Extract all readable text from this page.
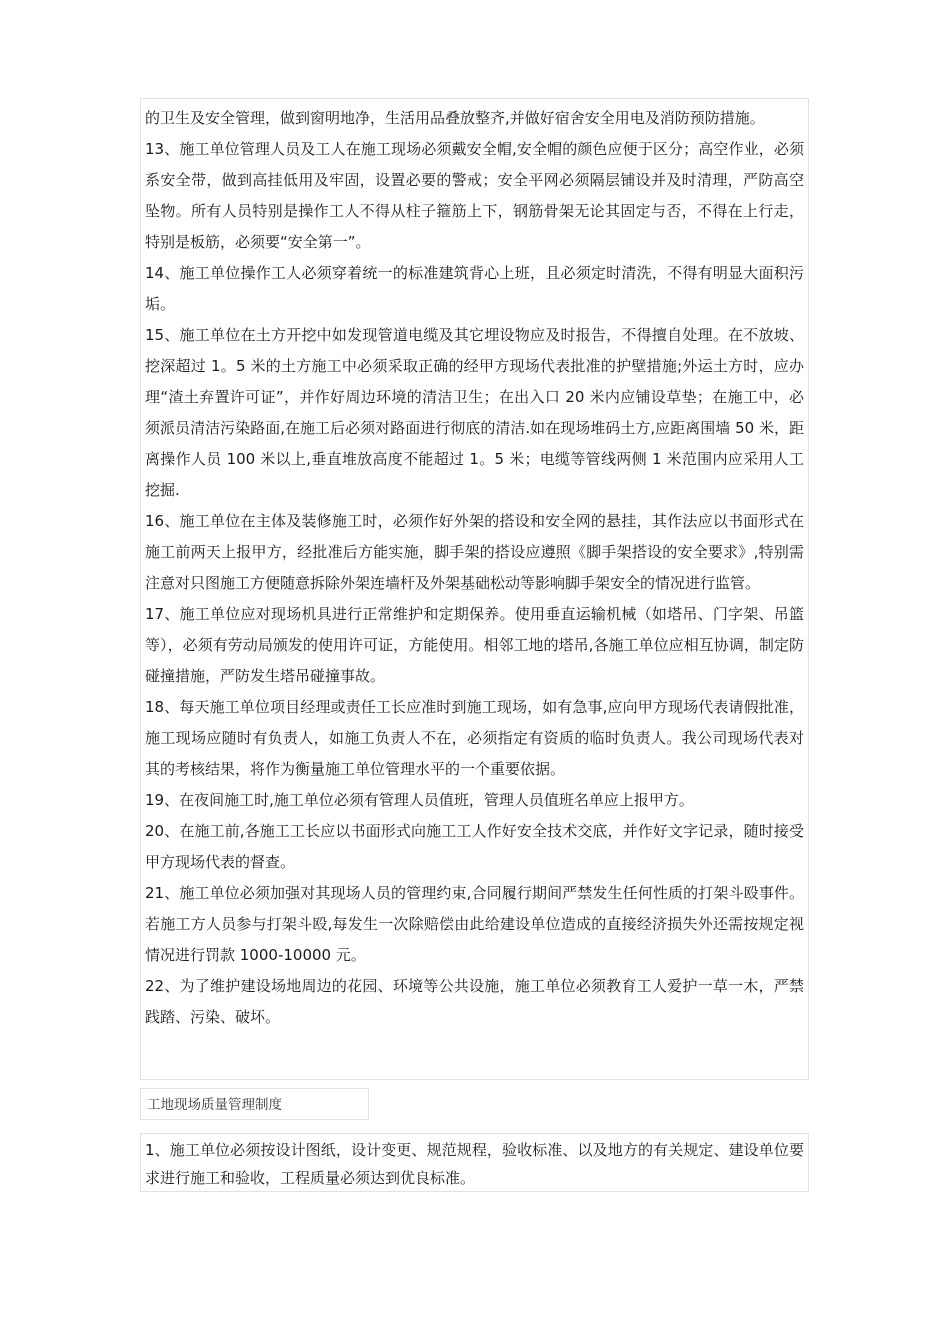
的卫生及安全管理，做到窗明地净，生活用品叠放整齐,并做好宿舍安全用电及消防预防措施。

13、施工单位管理人员及工人在施工现场必须戴安全帽,安全帽的颜色应便于区分；高空作业，必须系安全带，做到高挂低用及牢固，设置必要的警戒；安全平网必须隔层铺设并及时清理，严防高空坠物。所有人员特别是操作工人不得从柱子箍筋上下，钢筋骨架无论其固定与否，不得在上行走，特别是板筋，必须要“安全第一”。

14、施工单位操作工人必须穿着统一的标准建筑背心上班，且必须定时清洗，不得有明显大面积污垢。

15、施工单位在土方开挖中如发现管道电缆及其它埋设物应及时报告，不得擅自处理。在不放坡、挖深超过 1。5 米的土方施工中必须采取正确的经甲方现场代表批准的护壁措施;外运土方时，应办理“渣土弃置许可证”，并作好周边环境的清洁卫生；在出入口 20 米内应铺设草垫；在施工中，必须派员清洁污染路面,在施工后必须对路面进行彻底的清洁.如在现场堆码土方,应距离围墙 50 米，距离操作人员 100 米以上,垂直堆放高度不能超过 1。5 米；电缆等管线两侧 1 米范围内应采用人工挖掘.

16、施工单位在主体及装修施工时，必须作好外架的搭设和安全网的悬挂，其作法应以书面形式在施工前两天上报甲方，经批准后方能实施，脚手架的搭设应遵照《脚手架搭设的安全要求》,特别需注意对只图施工方便随意拆除外架连墙杆及外架基础松动等影响脚手架安全的情况进行监管。

17、施工单位应对现场机具进行正常维护和定期保养。使用垂直运输机械（如塔吊、门字架、吊篮等），必须有劳动局颁发的使用许可证，方能使用。相邻工地的塔吊,各施工单位应相互协调，制定防碰撞措施，严防发生塔吊碰撞事故。

18、每天施工单位项目经理或责任工长应准时到施工现场，如有急事,应向甲方现场代表请假批准，施工现场应随时有负责人，如施工负责人不在，必须指定有资质的临时负责人。我公司现场代表对其的考核结果，将作为衡量施工单位管理水平的一个重要依据。

19、在夜间施工时,施工单位必须有管理人员值班，管理人员值班名单应上报甲方。

20、在施工前,各施工工长应以书面形式向施工工人作好安全技术交底，并作好文字记录，随时接受甲方现场代表的督查。

21、施工单位必须加强对其现场人员的管理约束,合同履行期间严禁发生任何性质的打架斗殴事件。若施工方人员参与打架斗殴,每发生一次除赔偿由此给建设单位造成的直接经济损失外还需按规定视情况进行罚款 1000-10000 元。

22、为了维护建设场地周边的花园、环境等公共设施，施工单位必须教育工人爱护一草一木，严禁践踏、污染、破坏。

工地现场质量管理制度

1、施工单位必须按设计图纸，设计变更、规范规程，验收标准、以及地方的有关规定、建设单位要求进行施工和验收，工程质量必须达到优良标准。
